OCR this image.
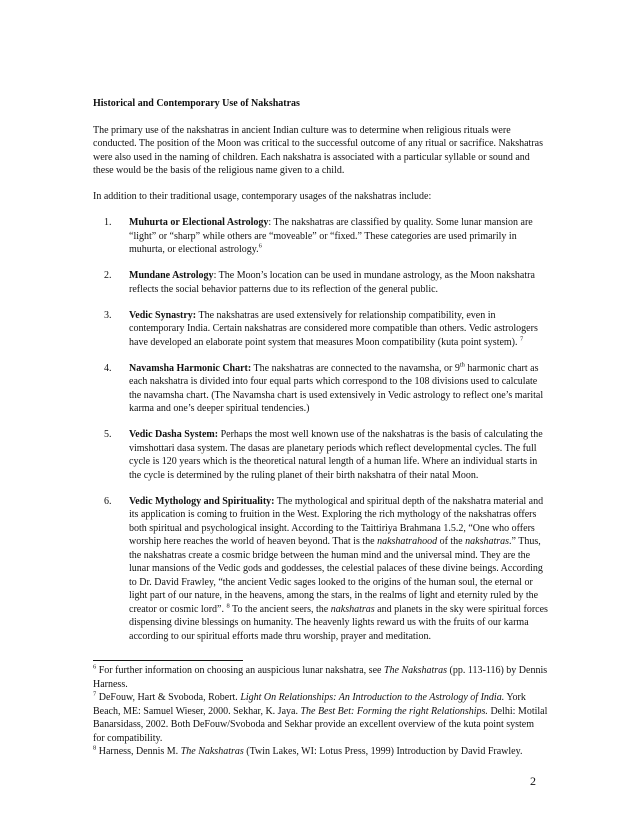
Historical and Contemporary Use of Nakshatras

The primary use of the nakshatras in ancient Indian culture was to determine when religious rituals were conducted. The position of the Moon was critical to the successful outcome of any ritual or sacrifice. Nakshatras were also used in the naming of children. Each nakshatra is associated with a particular syllable or sound and these would be the basis of the religious name given to a child.

In addition to their traditional usage, contemporary usages of the nakshatras include:

1.	Muhurta or Electional Astrology: The nakshatras are classified by quality. Some lunar mansion are “light” or “sharp” while others are “moveable” or “fixed.” These categories are used primarily in muhurta, or electional astrology.$^6$
2.	Mundane Astrology: The Moon’s location can be used in mundane astrology, as the Moon nakshatra reflects the social behavior patterns due to its reflection of the general public.
3.	Vedic Synastry: The nakshatras are used extensively for relationship compatibility, even in contemporary India. Certain nakshatras are considered more compatible than others. Vedic astrologers have developed an elaborate point system that measures Moon compatibility (kuta point system). $^7$
4.	Navamsha Harmonic Chart: The nakshatras are connected to the navamsha, or 9th harmonic chart as each nakshatra is divided into four equal parts which correspond to the 108 divisions used to calculate the navamsha chart. (The Navamsha chart is used extensively in Vedic astrology to reflect one’s marital karma and one’s deeper spiritual tendencies.)
5.	Vedic Dasha System: Perhaps the most well known use of the nakshatras is the basis of calculating the vimshottari dasa system. The dasas are planetary periods which reflect developmental cycles. The full cycle is 120 years which is the theoretical natural length of a human life. Where an individual starts in the cycle is determined by the ruling planet of their birth nakshatra of their natal Moon.
6.	Vedic Mythology and Spirituality: The mythological and spiritual depth of the nakshatra material and its application is coming to fruition in the West. Exploring the rich mythology of the nakshatras offers both spiritual and psychological insight. According to the Taittiriya Brahmana 1.5.2, “One who offers worship here reaches the world of heaven beyond. That is the nakshatrahood of the nakshatras.” Thus, the nakshatras create a cosmic bridge between the human mind and the universal mind. They are the lunar mansions of the Vedic gods and goddesses, the celestial palaces of these divine beings. According to Dr. David Frawley, “the ancient Vedic sages looked to the origins of the human soul, the eternal or light part of our nature, in the heavens, among the stars, in the realms of light and eternity ruled by the creator or cosmic lord”. $^8$ To the ancient seers, the nakshatras and planets in the sky were spiritual forces dispensing divine blessings on humanity. The heavenly lights reward us with the fruits of our karma according to our spiritual efforts made thru worship, prayer and meditation.

$^6$ For further information on choosing an auspicious lunar nakshatra, see The Nakshatras (pp. 113-116) by Dennis Harness.

$^7$ DeFouw, Hart & Svoboda, Robert. Light On Relationships: An Introduction to the Astrology of India. York Beach, ME: Samuel Wieser, 2000. Sekhar, K. Jaya. The Best Bet: Forming the right Relationships. Delhi: Motilal Banarsidass, 2002. Both DeFouw/Svoboda and Sekhar provide an excellent overview of the kuta point system for compatibility.

$^8$ Harness, Dennis M. The Nakshatras (Twin Lakes, WI: Lotus Press, 1999) Introduction by David Frawley.

2
